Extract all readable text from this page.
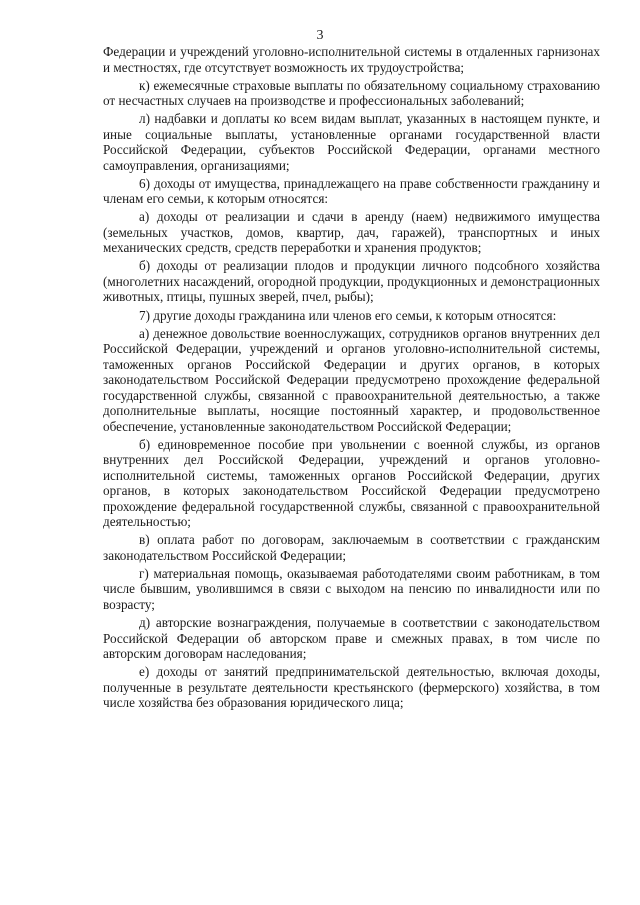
3

Федерации и учреждений уголовно-исполнительной системы в отдаленных гарнизонах и местностях, где отсутствует возможность их трудоустройства;

к) ежемесячные страховые выплаты по обязательному социальному страхованию от несчастных случаев на производстве и профессиональных заболеваний;

л) надбавки и доплаты ко всем видам выплат, указанных в настоящем пункте, и иные социальные выплаты, установленные органами государственной власти Российской Федерации, субъектов Российской Федерации, органами местного самоуправления, организациями;

6) доходы от имущества, принадлежащего на праве собственности гражданину и членам его семьи, к которым относятся:

а) доходы от реализации и сдачи в аренду (наем) недвижимого имущества (земельных участков, домов, квартир, дач, гаражей), транспортных и иных механических средств, средств переработки и хранения продуктов;

б) доходы от реализации плодов и продукции личного подсобного хозяйства (многолетних насаждений, огородной продукции, продукционных и демонстрационных животных, птицы, пушных зверей, пчел, рыбы);

7) другие доходы гражданина или членов его семьи, к которым относятся:

а) денежное довольствие военнослужащих, сотрудников органов внутренних дел Российской Федерации, учреждений и органов уголовно-исполнительной системы, таможенных органов Российской Федерации и других органов, в которых законодательством Российской Федерации предусмотрено прохождение федеральной государственной службы, связанной с правоохранительной деятельностью, а также дополнительные выплаты, носящие постоянный характер, и продовольственное обеспечение, установленные законодательством Российской Федерации;

б) единовременное пособие при увольнении с военной службы, из органов внутренних дел Российской Федерации, учреждений и органов уголовно-исполнительной системы, таможенных органов Российской Федерации, других органов, в которых законодательством Российской Федерации предусмотрено прохождение федеральной государственной службы, связанной с правоохранительной деятельностью;

в) оплата работ по договорам, заключаемым в соответствии с гражданским законодательством Российской Федерации;

г) материальная помощь, оказываемая работодателями своим работникам, в том числе бывшим, уволившимся в связи с выходом на пенсию по инвалидности или по возрасту;

д) авторские вознаграждения, получаемые в соответствии с законодательством Российской Федерации об авторском праве и смежных правах, в том числе по авторским договорам наследования;

е) доходы от занятий предпринимательской деятельностью, включая доходы, полученные в результате деятельности крестьянского (фермерского) хозяйства, в том числе хозяйства без образования юридического лица;
